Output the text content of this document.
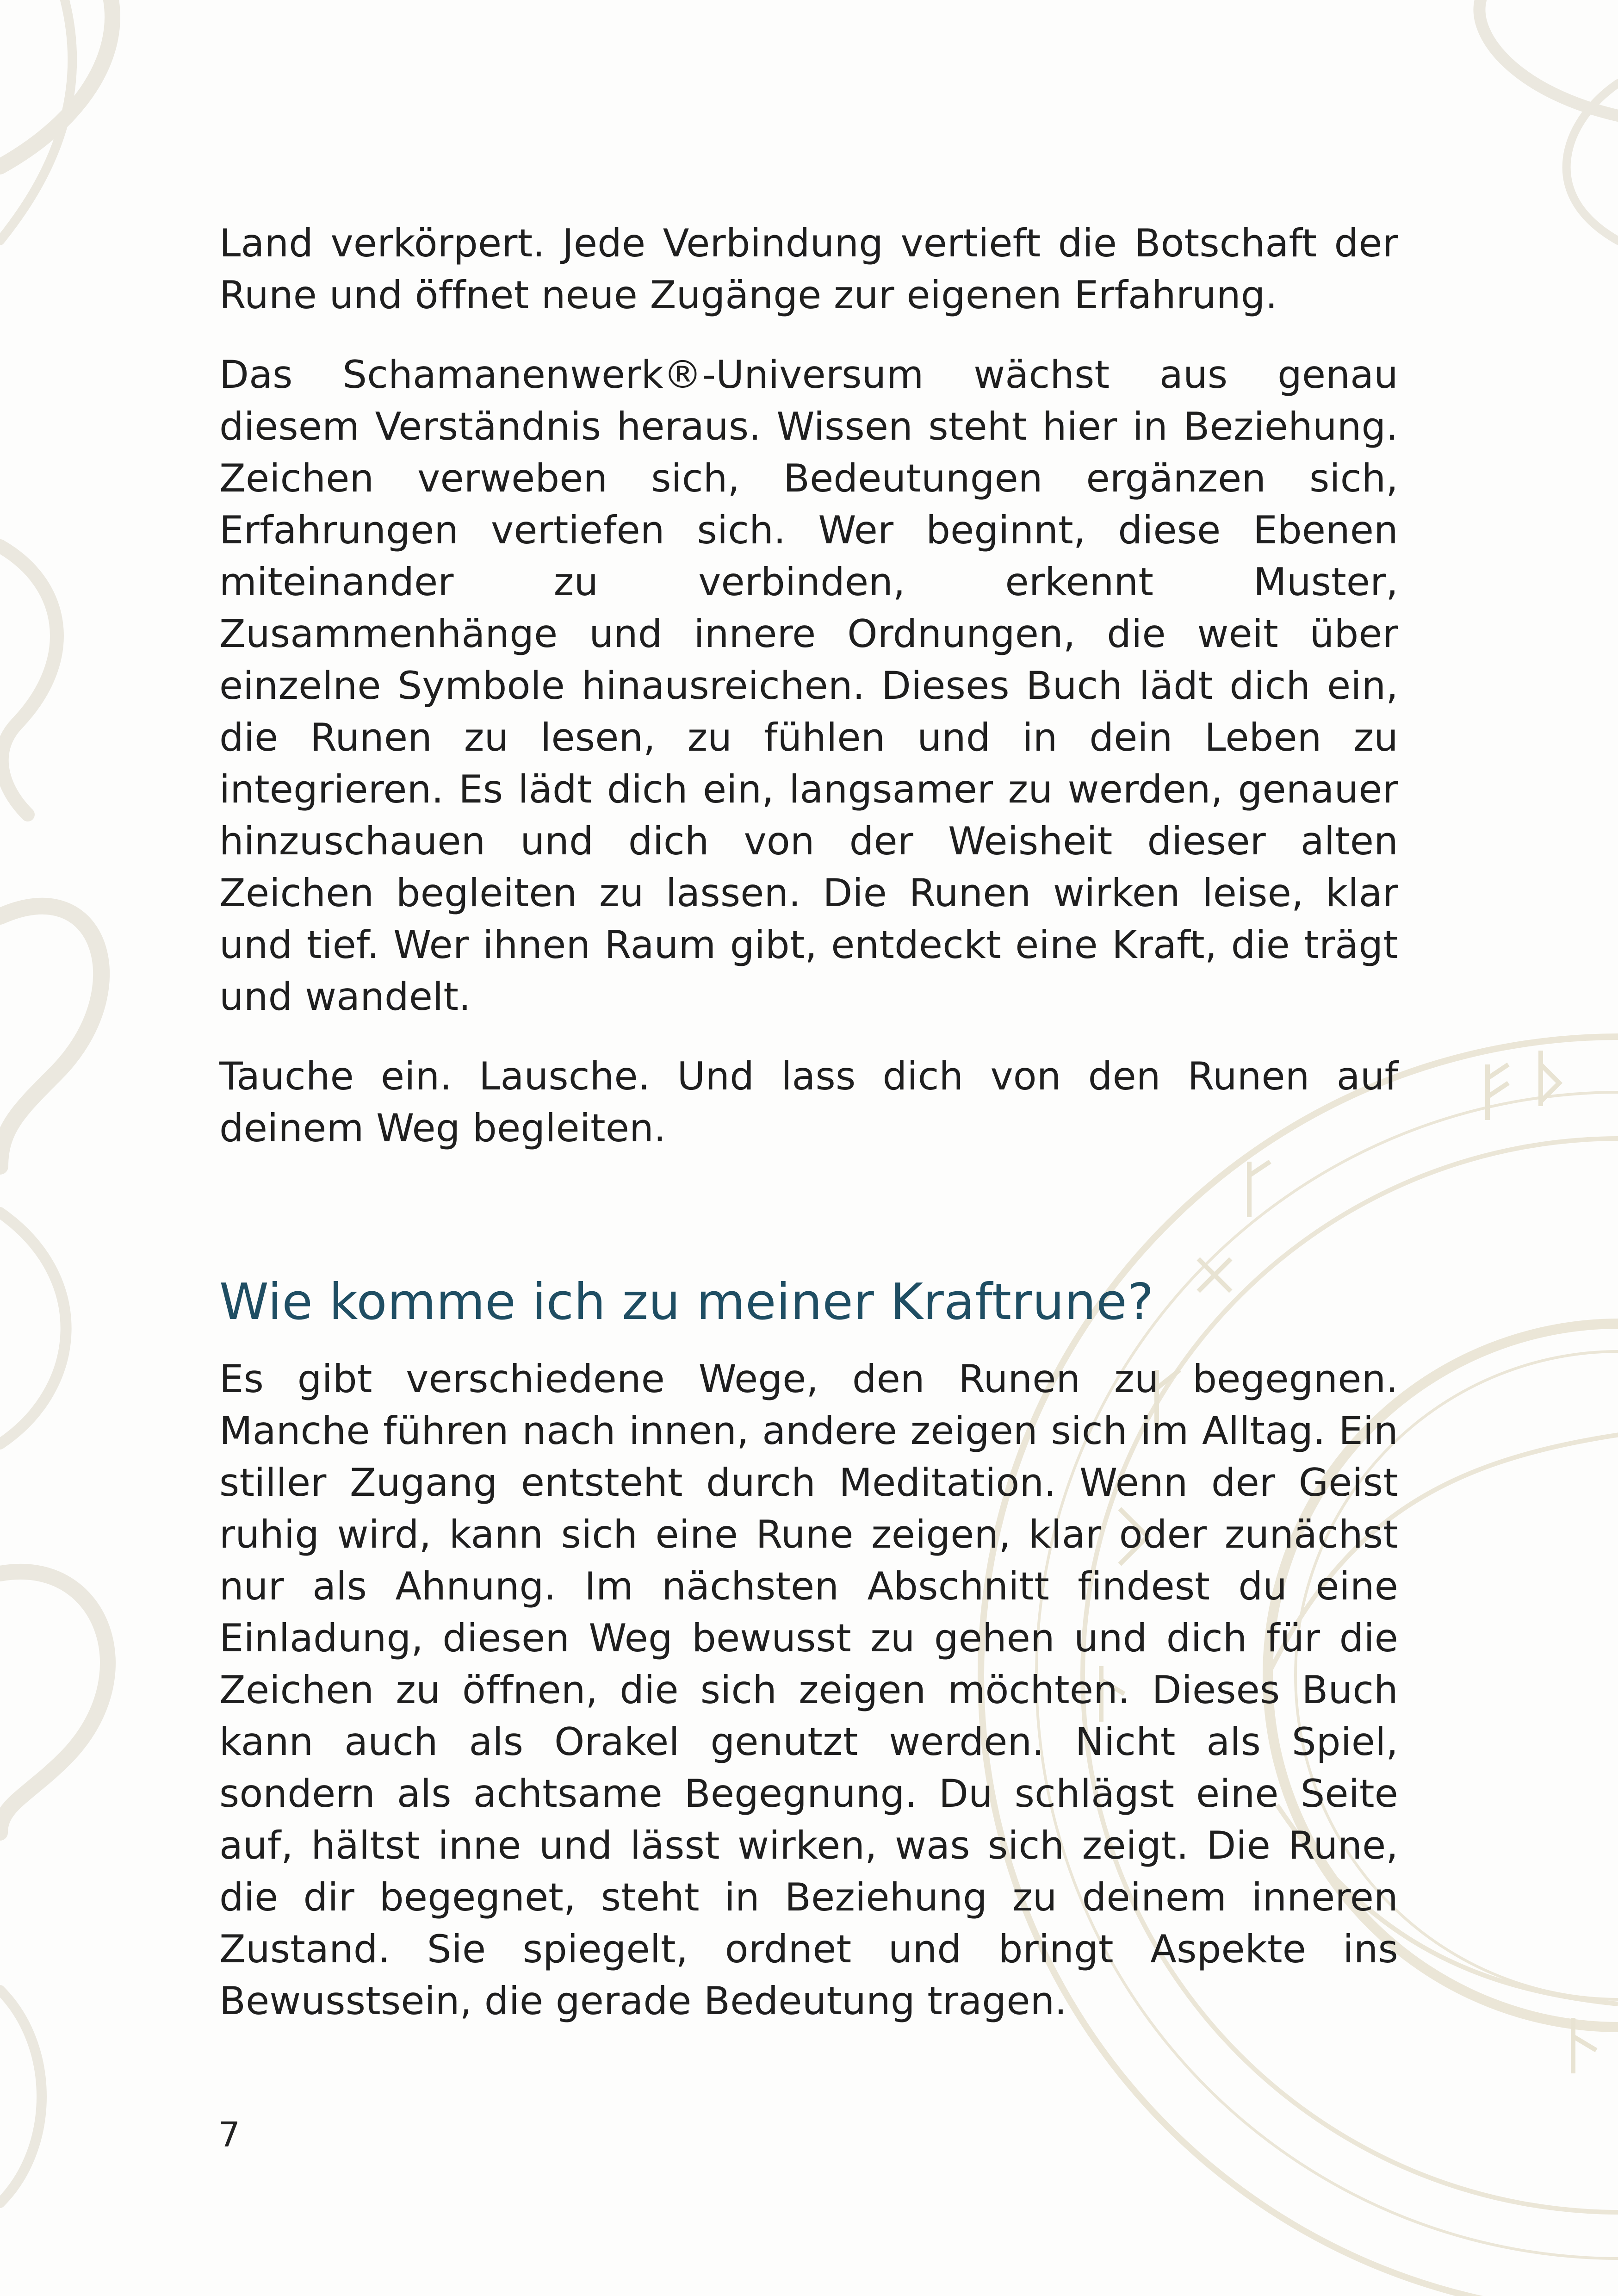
Land verkörpert. Jede Verbindung vertieft die Botschaft der Rune und öffnet neue Zugänge zur eigenen Erfahrung.

Das Schamanenwerk®-Universum wächst aus genau diesem Verständnis heraus. Wissen steht hier in Beziehung. Zeichen verweben sich, Bedeutungen ergänzen sich, Erfahrungen vertiefen sich. Wer beginnt, diese Ebenen miteinander zu verbinden, erkennt Muster, Zusammenhänge und innere Ordnungen, die weit über einzelne Symbole hinausreichen. Dieses Buch lädt dich ein, die Runen zu lesen, zu fühlen und in dein Leben zu integrieren. Es lädt dich ein, langsamer zu werden, genauer hinzuschauen und dich von der Weisheit dieser alten Zeichen begleiten zu lassen. Die Runen wirken leise, klar und tief. Wer ihnen Raum gibt, entdeckt eine Kraft, die trägt und wandelt.

Tauche ein. Lausche. Und lass dich von den Runen auf deinem Weg begleiten.

Wie komme ich zu meiner Kraftrune?

Es gibt verschiedene Wege, den Runen zu begegnen. Manche führen nach innen, andere zeigen sich im Alltag. Ein stiller Zugang entsteht durch Meditation. Wenn der Geist ruhig wird, kann sich eine Rune zeigen, klar oder zunächst nur als Ahnung. Im nächsten Abschnitt findest du eine Einladung, diesen Weg bewusst zu gehen und dich für die Zeichen zu öffnen, die sich zeigen möchten. Dieses Buch kann auch als Orakel genutzt werden. Nicht als Spiel, sondern als achtsame Begegnung. Du schlägst eine Seite auf, hältst inne und lässt wirken, was sich zeigt. Die Rune, die dir begegnet, steht in Beziehung zu deinem inneren Zustand. Sie spiegelt, ordnet und bringt Aspekte ins Bewusstsein, die gerade Bedeutung tragen.

7
